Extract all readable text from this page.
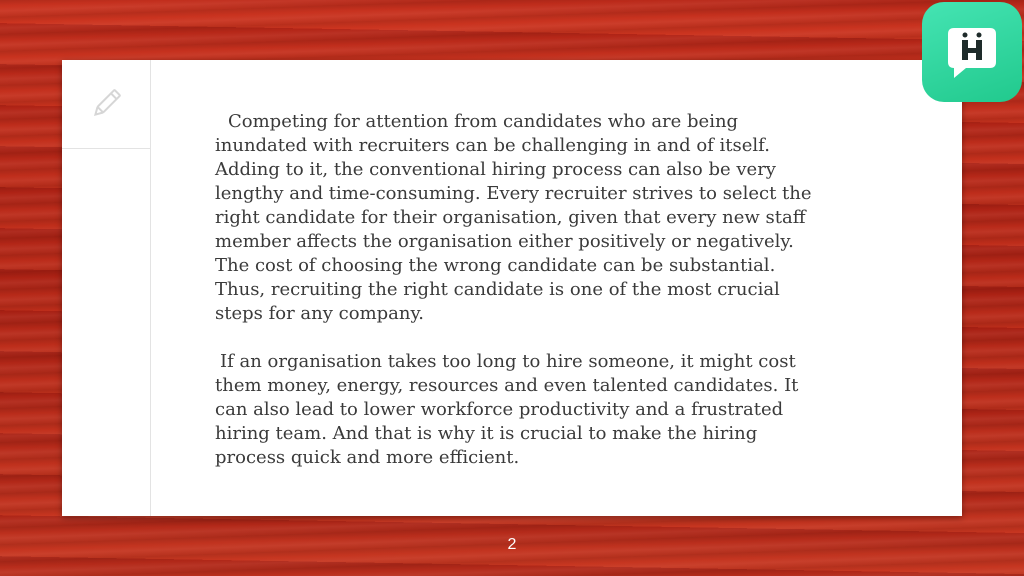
Competing for attention from candidates who are being inundated with recruiters can be challenging in and of itself. Adding to it, the conventional hiring process can also be very lengthy and time-consuming. Every recruiter strives to select the right candidate for their organisation, given that every new staff member affects the organisation either positively or negatively. The cost of choosing the wrong candidate can be substantial. Thus, recruiting the right candidate is one of the most crucial steps for any company.

If an organisation takes too long to hire someone, it might cost them money, energy, resources and even talented candidates. It can also lead to lower workforce productivity and a frustrated hiring team. And that is why it is crucial to make the hiring process quick and more efficient.

2
